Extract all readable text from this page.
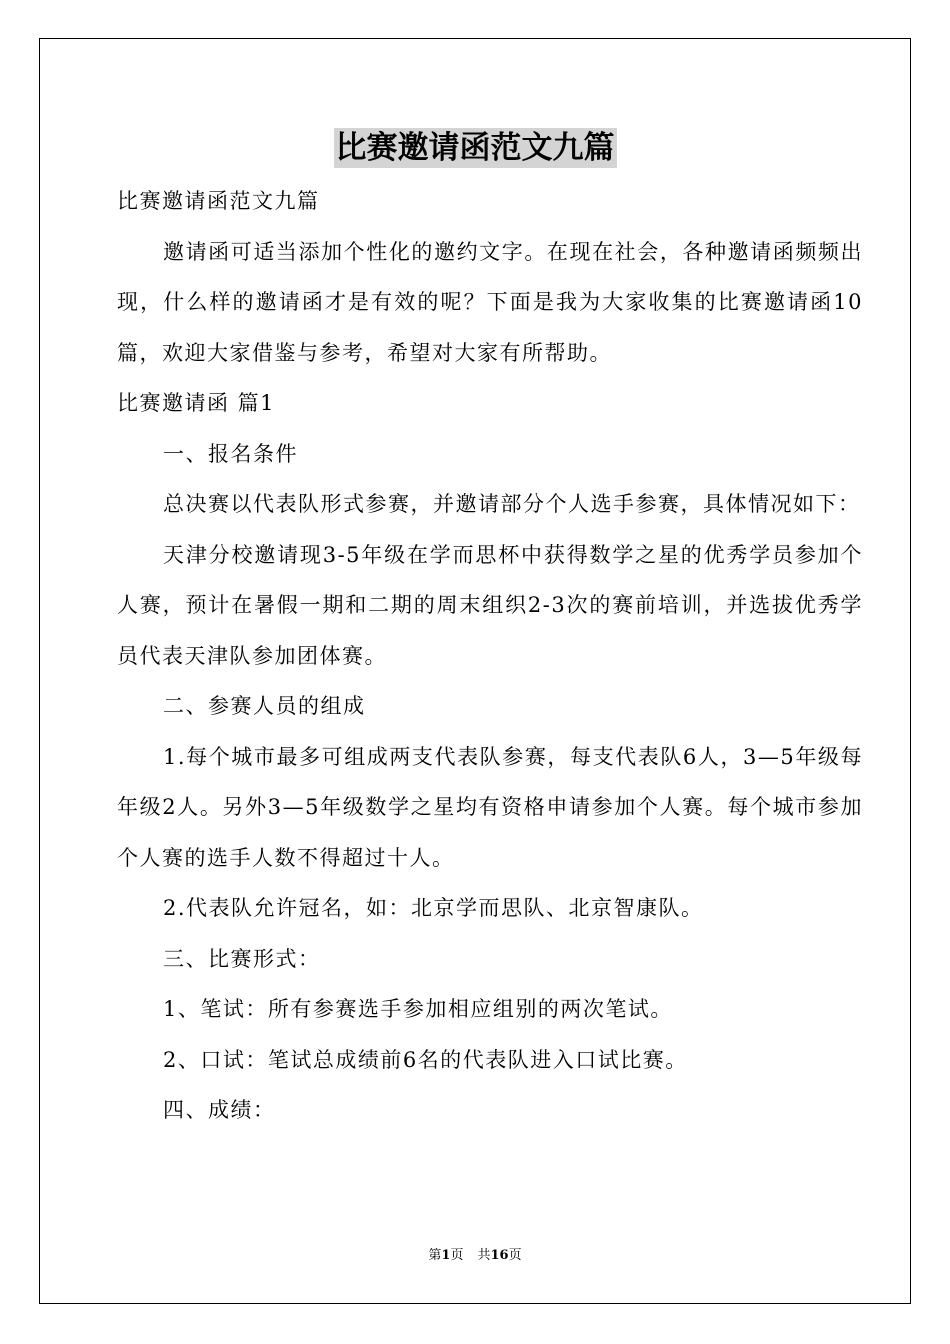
比赛邀请函范文九篇

比赛邀请函范文九篇

邀请函可适当添加个性化的邀约文字。在现在社会，各种邀请函频频出现，什么样的邀请函才是有效的呢？下面是我为大家收集的比赛邀请函10篇，欢迎大家借鉴与参考，希望对大家有所帮助。

比赛邀请函 篇1

一、报名条件

总决赛以代表队形式参赛，并邀请部分个人选手参赛，具体情况如下：

天津分校邀请现3-5年级在学而思杯中获得数学之星的优秀学员参加个人赛，预计在暑假一期和二期的周末组织2-3次的赛前培训，并选拔优秀学员代表天津队参加团体赛。

二、参赛人员的组成

1.每个城市最多可组成两支代表队参赛，每支代表队6人，3—5年级每年级2人。另外3—5年级数学之星均有资格申请参加个人赛。每个城市参加个人赛的选手人数不得超过十人。

2.代表队允许冠名，如：北京学而思队、北京智康队。

三、比赛形式：

1、笔试：所有参赛选手参加相应组别的两次笔试。

2、口试：笔试总成绩前6名的代表队进入口试比赛。

四、成绩：

第1页 共16页
